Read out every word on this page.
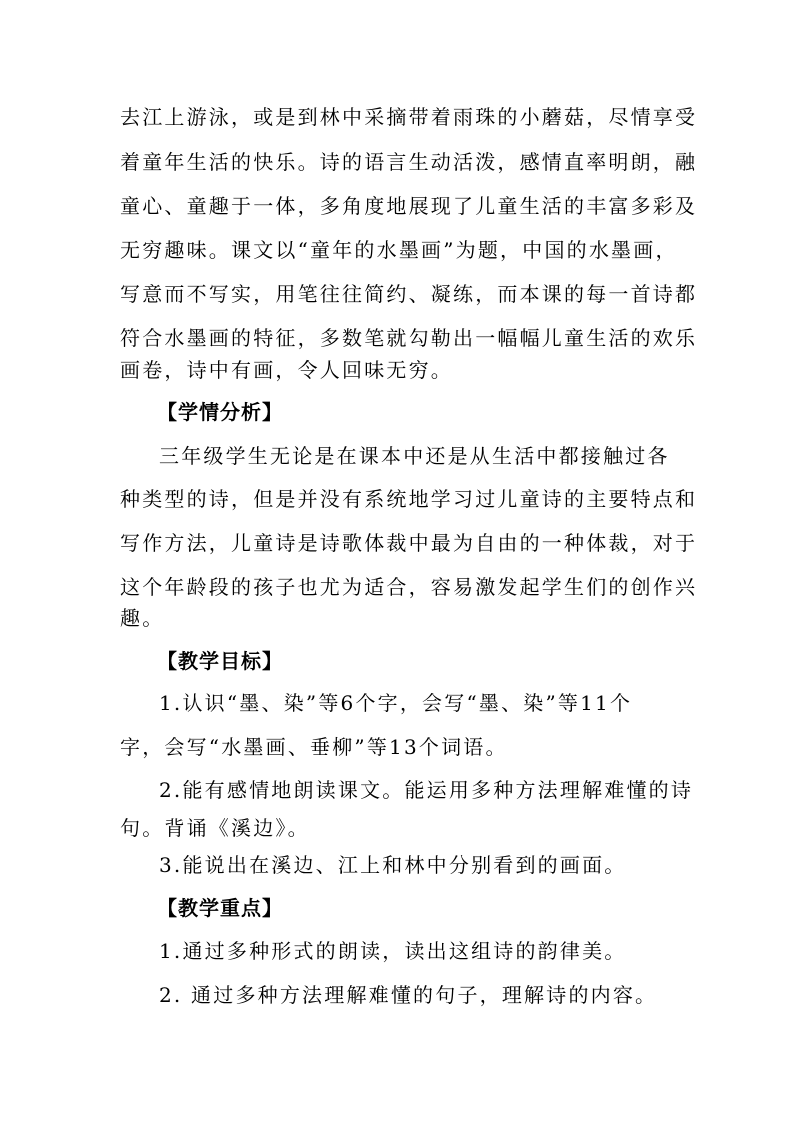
去江上游泳，或是到林中采摘带着雨珠的小蘑菇，尽情享受
着童年生活的快乐。诗的语言生动活泼，感情直率明朗，融
童心、童趣于一体，多角度地展现了儿童生活的丰富多彩及
无穷趣味。课文以“童年的水墨画”为题，中国的水墨画，
写意而不写实，用笔往往简约、凝练，而本课的每一首诗都
符合水墨画的特征，多数笔就勾勒出一幅幅儿童生活的欢乐
画卷，诗中有画，令人回味无穷。
【学情分析】
三年级学生无论是在课本中还是从生活中都接触过各
种类型的诗，但是并没有系统地学习过儿童诗的主要特点和
写作方法，儿童诗是诗歌体裁中最为自由的一种体裁，对于
这个年龄段的孩子也尤为适合，容易激发起学生们的创作兴
趣。
【教学目标】
1.认识“墨、染”等6个字，会写“墨、染”等11个
字，会写“水墨画、垂柳”等13个词语。
2.能有感情地朗读课文。能运用多种方法理解难懂的诗
句。背诵《溪边》。
3.能说出在溪边、江上和林中分别看到的画面。
【教学重点】
1.通过多种形式的朗读，读出这组诗的韵律美。
2. 通过多种方法理解难懂的句子，理解诗的内容。
